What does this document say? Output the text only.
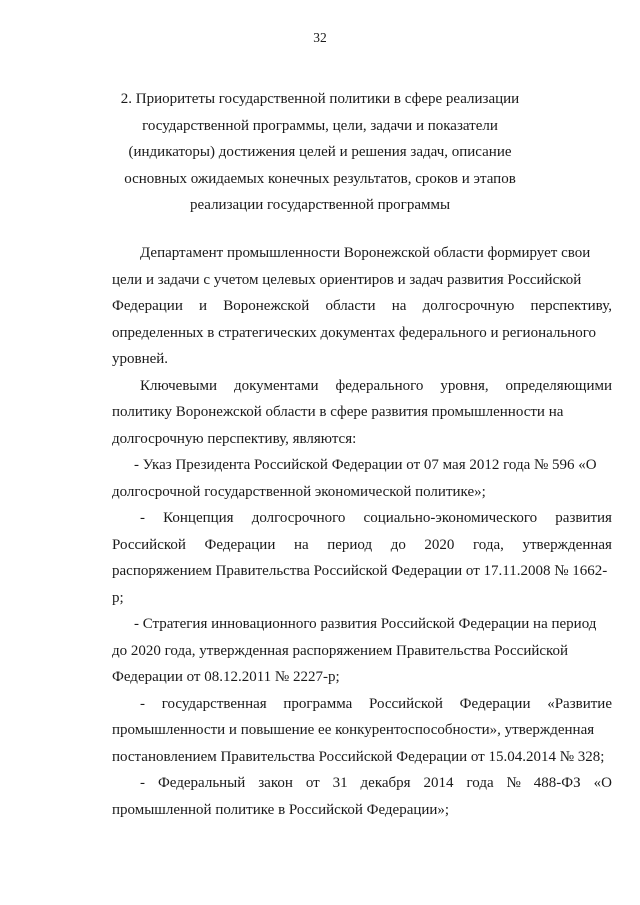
32
2. Приоритеты государственной политики в сфере реализации
государственной программы, цели, задачи и показатели
(индикаторы) достижения целей и решения задач, описание
основных ожидаемых конечных результатов, сроков и этапов
реализации государственной программы
Департамент промышленности Воронежской области формирует свои
цели и задачи с учетом целевых ориентиров и задач развития Российской
Федерации и Воронежской области на долгосрочную перспективу,
определенных в стратегических документах федерального и регионального
уровней.
Ключевыми документами федерального уровня, определяющими
политику Воронежской области в сфере развития промышленности на
долгосрочную перспективу, являются:
- Указ Президента Российской Федерации от 07 мая 2012 года № 596 «О
долгосрочной государственной экономической политике»;
- Концепция долгосрочного социально-экономического развития
Российской Федерации на период до 2020 года, утвержденная
распоряжением Правительства Российской Федерации от 17.11.2008 № 1662-
р;
- Стратегия инновационного развития Российской Федерации на период
до 2020 года, утвержденная распоряжением Правительства Российской
Федерации от 08.12.2011 № 2227-р;
- государственная программа Российской Федерации «Развитие
промышленности и повышение ее конкурентоспособности», утвержденная
постановлением Правительства Российской Федерации от 15.04.2014 № 328;
- Федеральный закон от 31 декабря 2014 года № 488-ФЗ «О
промышленной политике в Российской Федерации»;
